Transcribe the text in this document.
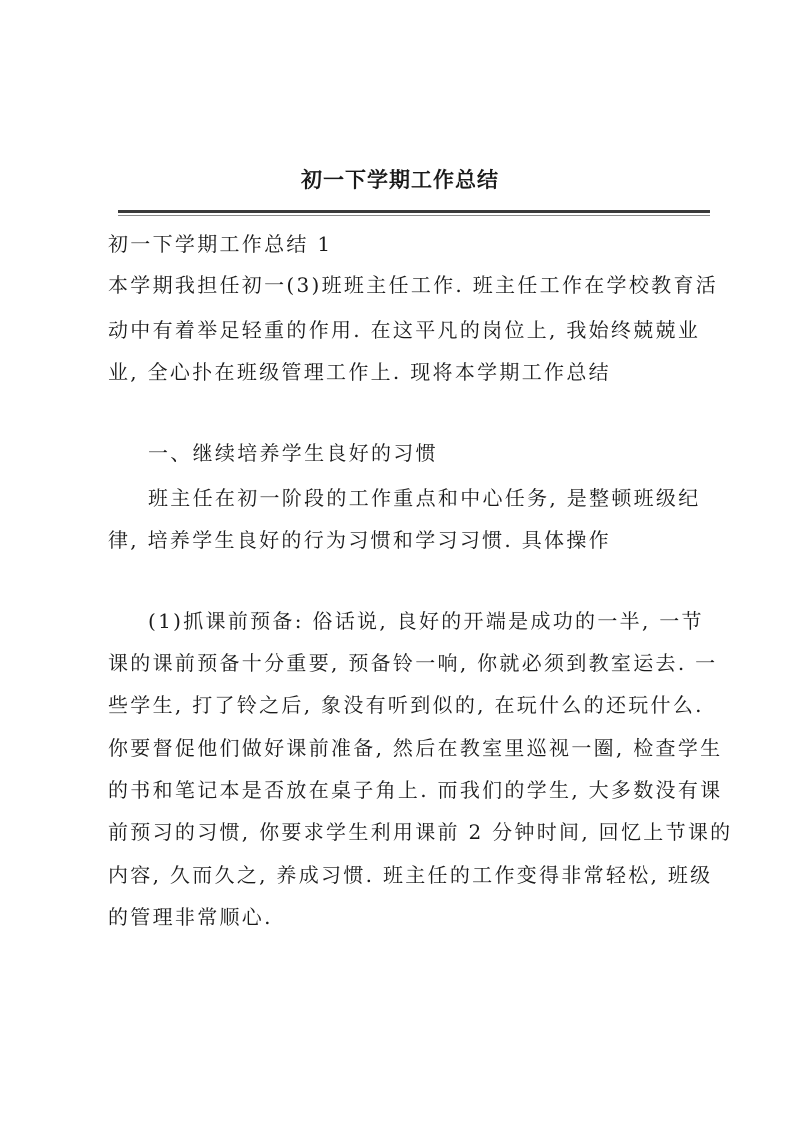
初一下学期工作总结
初一下学期工作总结 1
本学期我担任初一(3)班班主任工作. 班主任工作在学校教育活
动中有着举足轻重的作用. 在这平凡的岗位上, 我始终兢兢业
业, 全心扑在班级管理工作上. 现将本学期工作总结
一、继续培养学生良好的习惯
班主任在初一阶段的工作重点和中心任务, 是整顿班级纪
律, 培养学生良好的行为习惯和学习习惯. 具体操作
(1)抓课前预备: 俗话说, 良好的开端是成功的一半, 一节
课的课前预备十分重要, 预备铃一响, 你就必须到教室运去. 一
些学生, 打了铃之后, 象没有听到似的, 在玩什么的还玩什么.
你要督促他们做好课前准备, 然后在教室里巡视一圈, 检查学生
的书和笔记本是否放在桌子角上. 而我们的学生, 大多数没有课
前预习的习惯, 你要求学生利用课前 2 分钟时间, 回忆上节课的
内容, 久而久之, 养成习惯. 班主任的工作变得非常轻松, 班级
的管理非常顺心.
